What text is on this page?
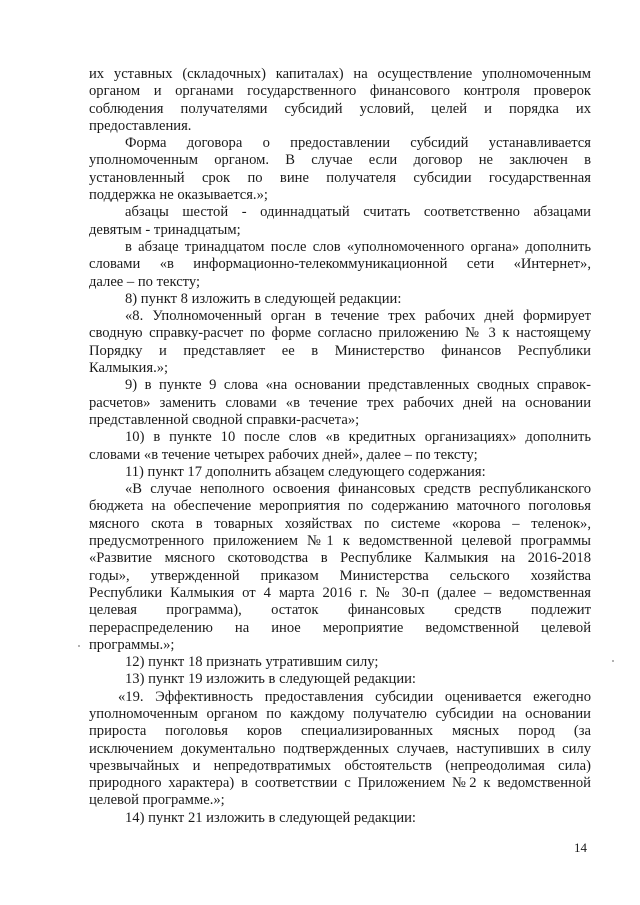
их уставных (складочных) капиталах) на осуществление уполномоченным
органом и органами государственного финансового контроля проверок
соблюдения получателями субсидий условий, целей и порядка их
предоставления.
Форма договора о предоставлении субсидий устанавливается
уполномоченным органом. В случае если договор не заключен в
установленный срок по вине получателя субсидии государственная
поддержка не оказывается.»;
абзацы шестой - одиннадцатый считать соответственно абзацами
девятым - тринадцатым;
в абзаце тринадцатом после слов «уполномоченного органа» дополнить
словами «в информационно-телекоммуникационной сети «Интернет»,
далее – по тексту;
8) пункт 8 изложить в следующей редакции:
«8. Уполномоченный орган в течение трех рабочих дней формирует
сводную справку-расчет по форме согласно приложению № 3 к настоящему
Порядку и представляет ее в Министерство финансов Республики
Калмыкия.»;
9) в пункте 9 слова «на основании представленных сводных справок-
расчетов» заменить словами «в течение трех рабочих дней на основании
представленной сводной справки-расчета»;
10) в пункте 10 после слов «в кредитных организациях» дополнить
словами «в течение четырех рабочих дней», далее – по тексту;
11) пункт 17 дополнить абзацем следующего содержания:
«В случае неполного освоения финансовых средств республиканского
бюджета на обеспечение мероприятия по содержанию маточного поголовья
мясного скота в товарных хозяйствах по системе «корова – теленок»,
предусмотренного приложением №1 к ведомственной целевой программы
«Развитие мясного скотоводства в Республике Калмыкия на 2016-2018
годы», утвержденной приказом Министерства сельского хозяйства
Республики Калмыкия от 4 марта 2016 г. № 30-п (далее – ведомственная
целевая программа), остаток финансовых средств подлежит
перераспределению на иное мероприятие ведомственной целевой
программы.»;
12) пункт 18 признать утратившим силу;
13) пункт 19 изложить в следующей редакции:
«19. Эффективность предоставления субсидии оценивается ежегодно
уполномоченным органом по каждому получателю субсидии на основании
прироста поголовья коров специализированных мясных пород (за
исключением документально подтвержденных случаев, наступивших в силу
чрезвычайных и непредотвратимых обстоятельств (непреодолимая сила)
природного характера) в соответствии с Приложением №2 к ведомственной
целевой программе.»;
14) пункт 21 изложить в следующей редакции:
14
